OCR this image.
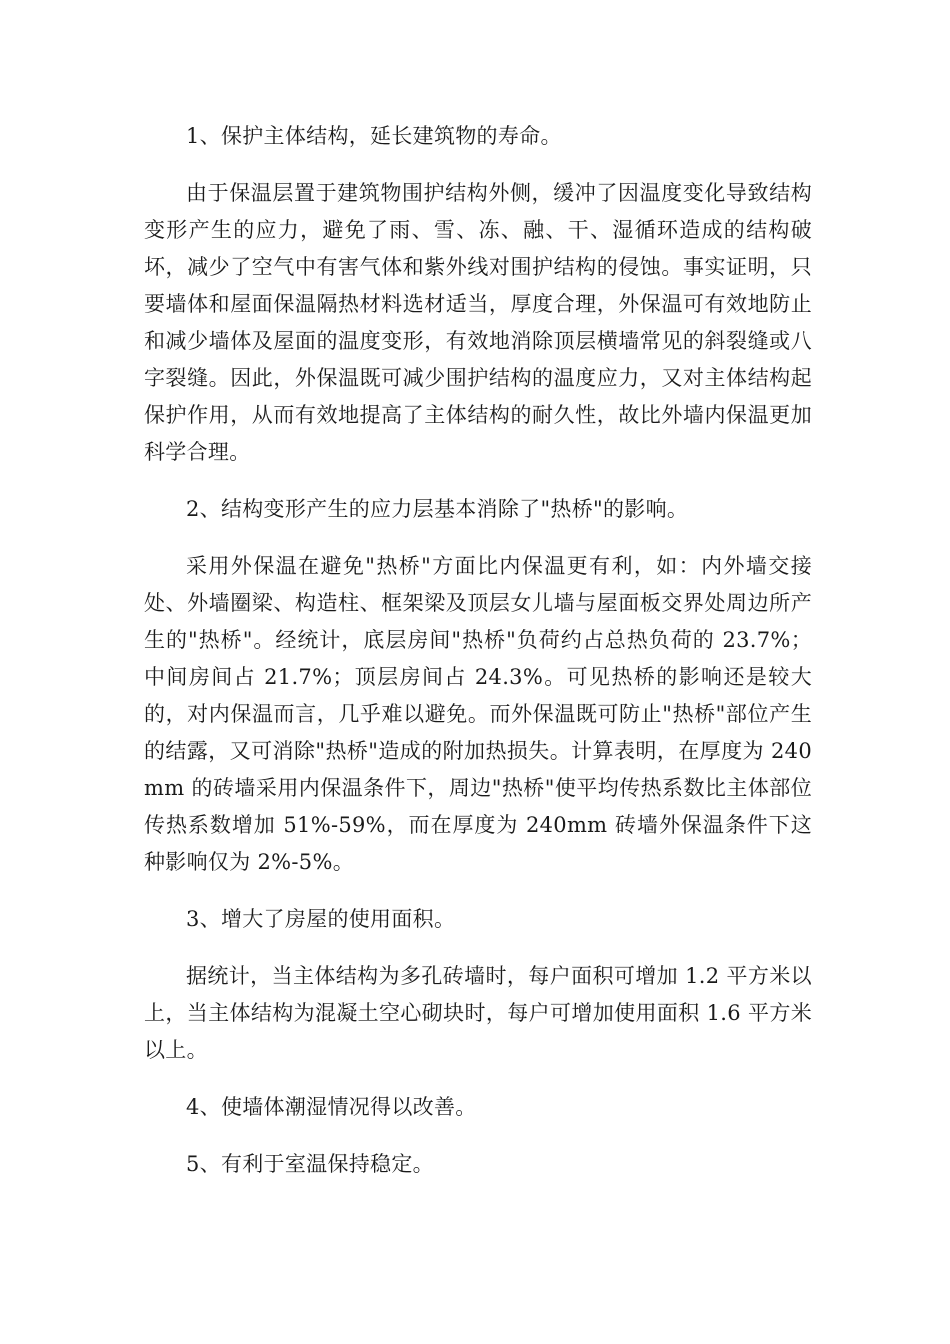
1、保护主体结构，延长建筑物的寿命。

由于保温层置于建筑物围护结构外侧，缓冲了因温度变化导致结构变形产生的应力，避免了雨、雪、冻、融、干、湿循环造成的结构破坏，减少了空气中有害气体和紫外线对围护结构的侵蚀。事实证明，只要墙体和屋面保温隔热材料选材适当，厚度合理，外保温可有效地防止和减少墙体及屋面的温度变形，有效地消除顶层横墙常见的斜裂缝或八字裂缝。因此，外保温既可减少围护结构的温度应力，又对主体结构起保护作用，从而有效地提高了主体结构的耐久性，故比外墙内保温更加科学合理。

2、结构变形产生的应力层基本消除了"热桥"的影响。

采用外保温在避免"热桥"方面比内保温更有利，如：内外墙交接处、外墙圈梁、构造柱、框架梁及顶层女儿墙与屋面板交界处周边所产生的"热桥"。经统计，底层房间"热桥"负荷约占总热负荷的 23.7%；中间房间占 21.7%；顶层房间占 24.3%。可见热桥的影响还是较大的，对内保温而言，几乎难以避免。而外保温既可防止"热桥"部位产生的结露，又可消除"热桥"造成的附加热损失。计算表明，在厚度为 240 mm 的砖墙采用内保温条件下，周边"热桥"使平均传热系数比主体部位传热系数增加 51%-59%，而在厚度为 240mm 砖墙外保温条件下这种影响仅为 2%-5%。

3、增大了房屋的使用面积。

据统计，当主体结构为多孔砖墙时，每户面积可增加 1.2 平方米以上，当主体结构为混凝土空心砌块时，每户可增加使用面积 1.6 平方米以上。

4、使墙体潮湿情况得以改善。

5、有利于室温保持稳定。
